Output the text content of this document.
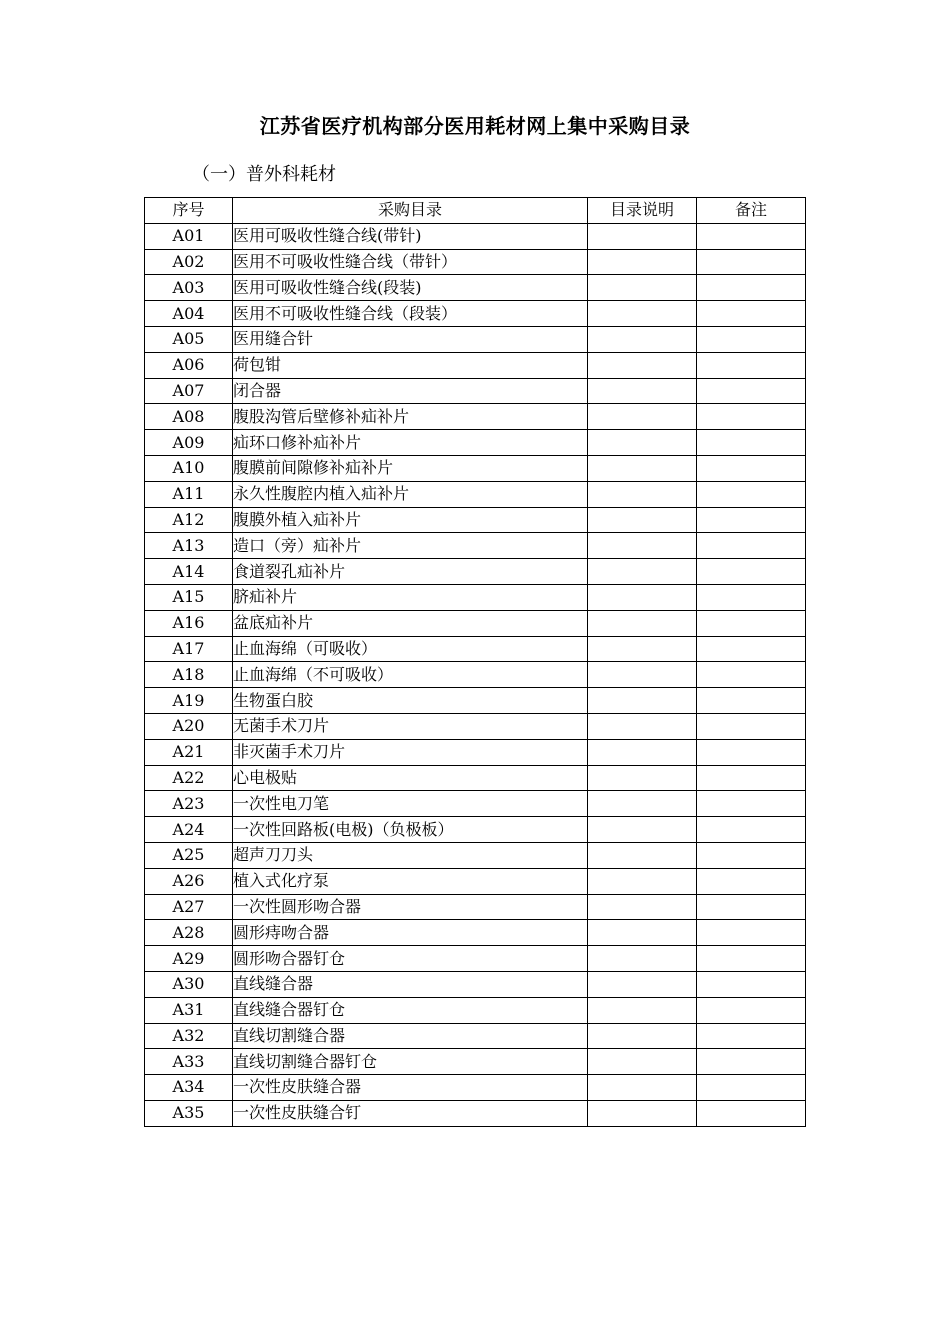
江苏省医疗机构部分医用耗材网上集中采购目录
（一）普外科耗材
序号	采购目录	目录说明	备注
A01	医用可吸收性缝合线(带针)		
A02	医用不可吸收性缝合线（带针）		
A03	医用可吸收性缝合线(段装)		
A04	医用不可吸收性缝合线（段装）		
A05	医用缝合针		
A06	荷包钳		
A07	闭合器		
A08	腹股沟管后壁修补疝补片		
A09	疝环口修补疝补片		
A10	腹膜前间隙修补疝补片		
A11	永久性腹腔内植入疝补片		
A12	腹膜外植入疝补片		
A13	造口（旁）疝补片		
A14	食道裂孔疝补片		
A15	脐疝补片		
A16	盆底疝补片		
A17	止血海绵（可吸收）		
A18	止血海绵（不可吸收）		
A19	生物蛋白胶		
A20	无菌手术刀片		
A21	非灭菌手术刀片		
A22	心电极贴		
A23	一次性电刀笔		
A24	一次性回路板(电极)（负极板）		
A25	超声刀刀头		
A26	植入式化疗泵		
A27	一次性圆形吻合器		
A28	圆形痔吻合器		
A29	圆形吻合器钉仓		
A30	直线缝合器		
A31	直线缝合器钉仓		
A32	直线切割缝合器		
A33	直线切割缝合器钉仓		
A34	一次性皮肤缝合器		
A35	一次性皮肤缝合钉		
